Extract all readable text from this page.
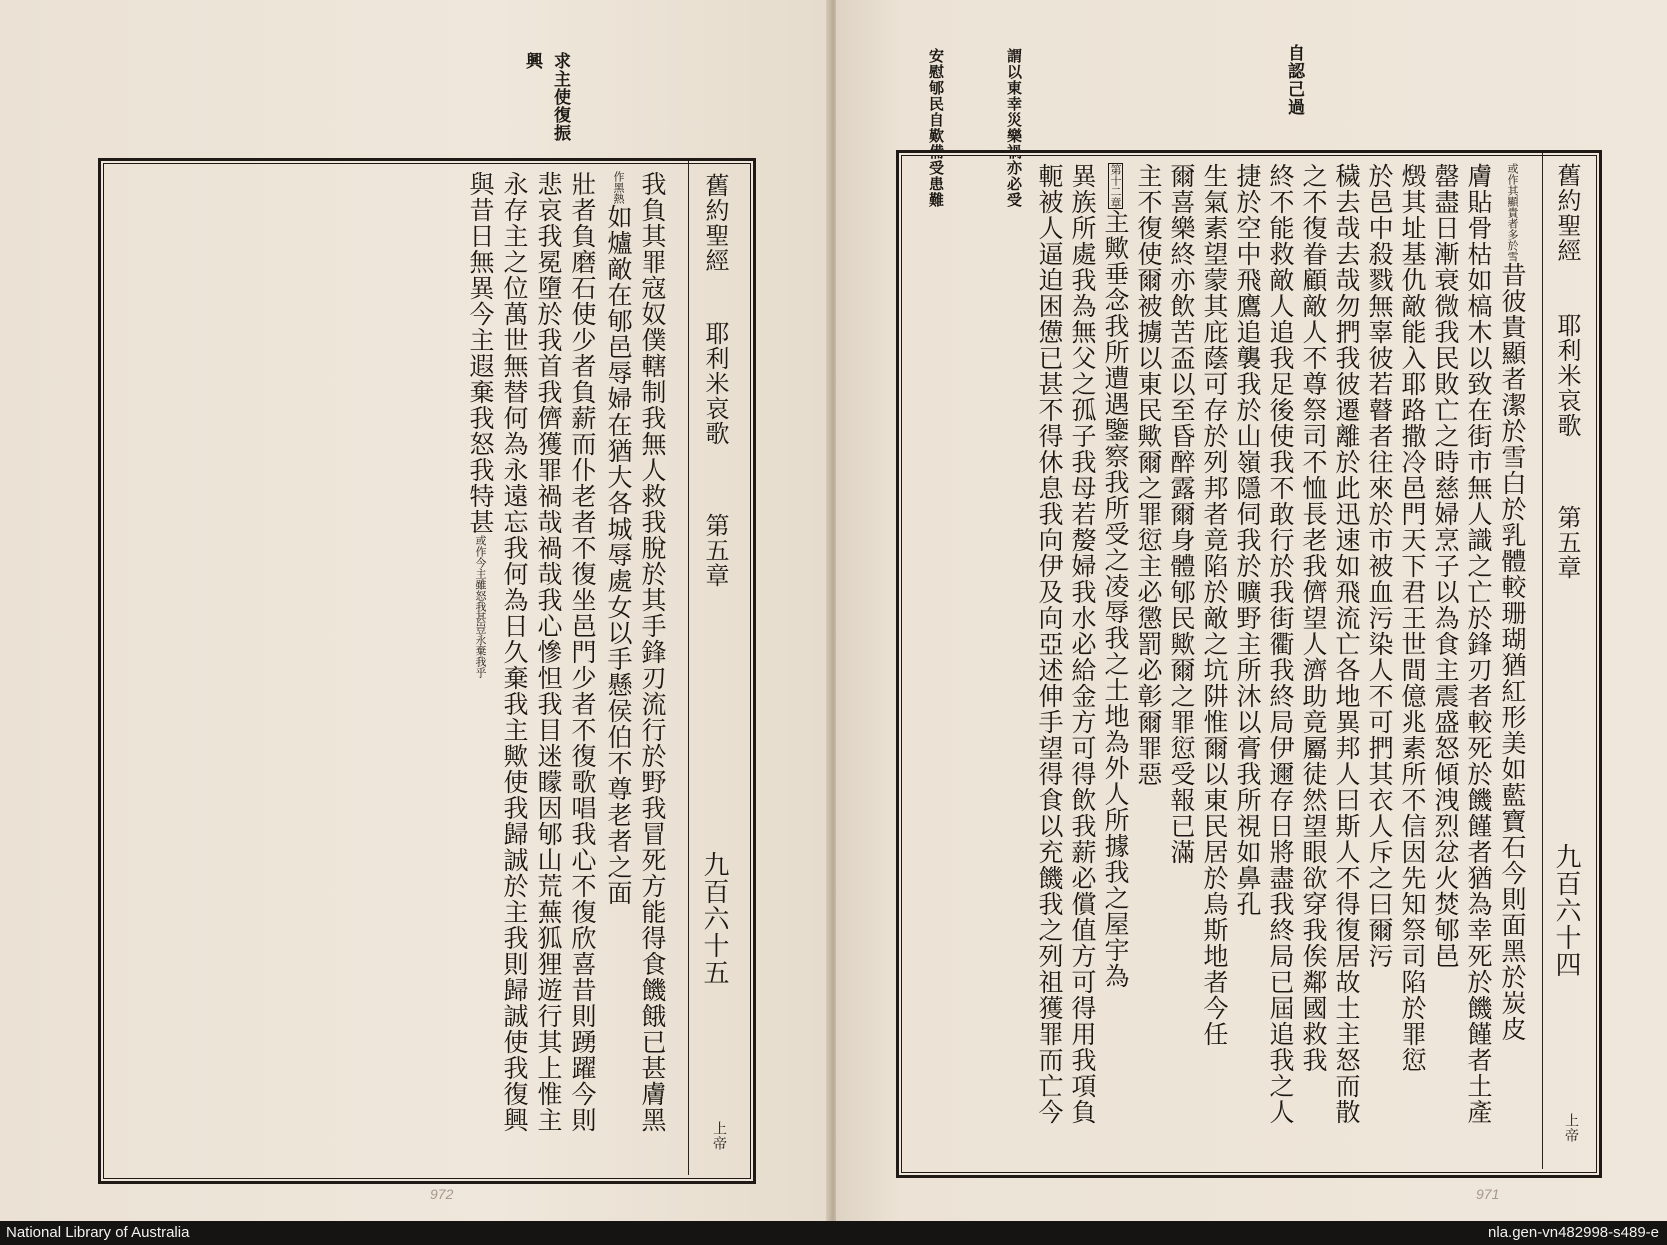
求主使復振
興
舊約聖經
耶利米哀歌
第五章
九百六十五
上帝
我負其罪寇奴僕轄制我無人救我脫於其手鋒刃流行於野我冒死方能得食饑餓已甚膚黑
作黑熱如爐敵在郇邑辱婦在猶大各城辱處女以手懸侯伯不尊老者之面
壯者負磨石使少者負薪而仆老者不復坐邑門少者不復歌唱我心不復欣喜昔則踴躍今則
悲哀我冕墮於我首我儕獲罪禍哉禍哉我心慘怛我目迷矇因郇山荒蕪狐狸遊行其上惟主
永存主之位萬世無替何為永遠忘我何為日久棄我主歟使我歸誠於主我則歸誠使我復興
與昔日無異今主遐棄我怒我特甚或作今主雖怒我甚豈永棄我乎
972
自認己過
謂以東幸災樂禍亦必受
安慰郇民自歎備受患難
舊約聖經
耶利米哀歌
第五章
九百六十四
上帝
或作其顯貴者多於雪昔彼貴顯者潔於雪白於乳體較珊瑚猶紅形美如藍寶石今則面黑於炭皮
膚貼骨枯如槁木以致在街市無人識之亡於鋒刃者較死於饑饉者猶為幸死於饑饉者土產
罄盡日漸衰微我民敗亡之時慈婦烹子以為食主震盛怒傾洩烈忿火焚郇邑
燬其址基仇敵能入耶路撒冷邑門天下君王世間億兆素所不信因先知祭司陷於罪愆
於邑中殺戮無辜彼若瞽者往來於市被血污染人不可捫其衣人斥之曰爾污
穢去哉去哉勿捫我彼遷離於此迅速如飛流亡各地異邦人曰斯人不得復居故土主怒而散
之不復眷顧敵人不尊祭司不恤長老我儕望人濟助竟屬徒然望眼欲穿我俟鄰國救我
終不能救敵人追我足後使我不敢行於我街衢我終局伊邇存日將盡我終局已屆追我之人
捷於空中飛鷹追襲我於山嶺隱伺我於曠野主所沐以膏我所視如鼻孔
生氣素望蒙其庇蔭可存於列邦者竟陷於敵之坑阱惟爾以東民居於烏斯地者今任
爾喜樂終亦飲苦盃以至昏醉露爾身體郇民歟爾之罪愆受報已滿
主不復使爾被擄以東民歟爾之罪愆主必懲罰必彰爾罪惡
第十二章主歟垂念我所遭遇鑒察我所受之凌辱我之土地為外人所據我之屋宇為
異族所處我為無父之孤子我母若嫠婦我水必給金方可得飲我薪必償值方可得用我項負
軛被人逼迫困憊已甚不得休息我向伊及向亞述伸手望得食以充饑我之列祖獲罪而亡今
971
National Library of Australia	nla.gen-vn482998-s489-e
